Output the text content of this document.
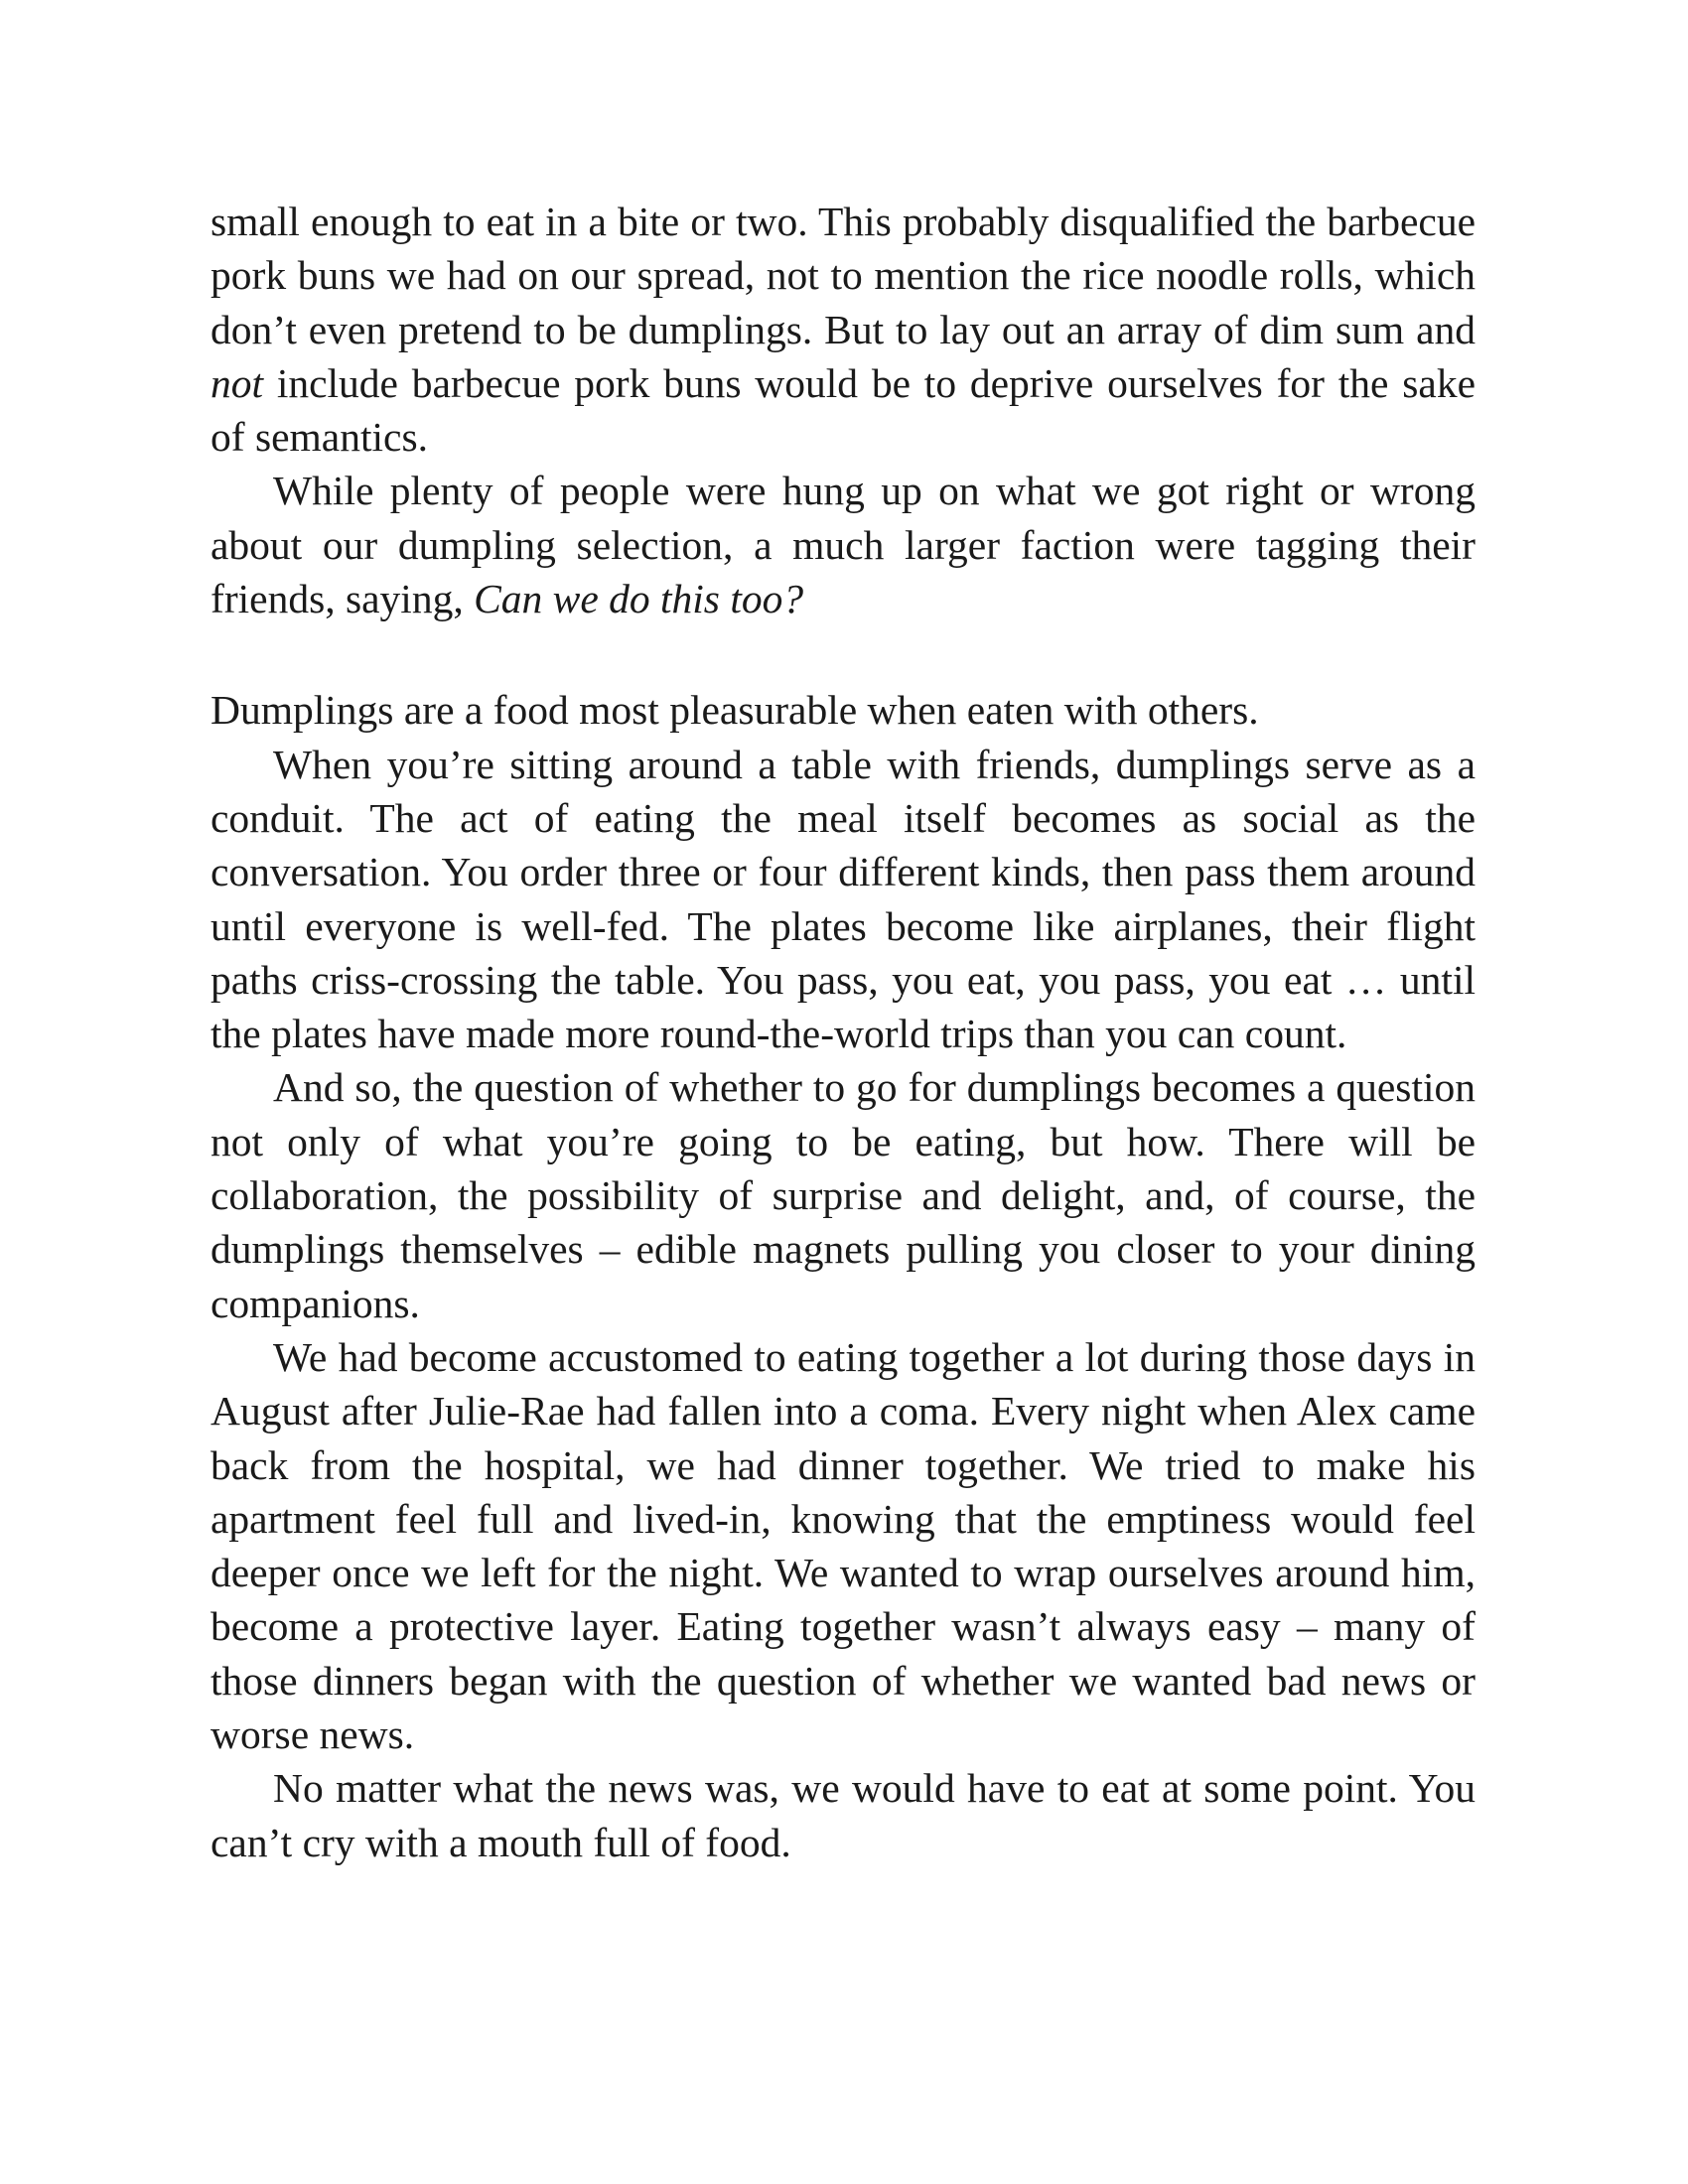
small enough to eat in a bite or two. This probably disqualified the barbecue pork buns we had on our spread, not to mention the rice noodle rolls, which don’t even pretend to be dumplings. But to lay out an array of dim sum and not include barbecue pork buns would be to deprive ourselves for the sake of semantics.

While plenty of people were hung up on what we got right or wrong about our dumpling selection, a much larger faction were tagging their friends, saying, Can we do this too?

Dumplings are a food most pleasurable when eaten with others.

When you’re sitting around a table with friends, dumplings serve as a conduit. The act of eating the meal itself becomes as social as the conversation. You order three or four different kinds, then pass them around until everyone is well-fed. The plates become like airplanes, their flight paths criss-crossing the table. You pass, you eat, you pass, you eat … until the plates have made more round-the-world trips than you can count.

And so, the question of whether to go for dumplings becomes a question not only of what you’re going to be eating, but how. There will be collaboration, the possibility of surprise and delight, and, of course, the dumplings themselves – edible magnets pulling you closer to your dining companions.

We had become accustomed to eating together a lot during those days in August after Julie-Rae had fallen into a coma. Every night when Alex came back from the hospital, we had dinner together. We tried to make his apartment feel full and lived-in, knowing that the emptiness would feel deeper once we left for the night. We wanted to wrap ourselves around him, become a protective layer. Eating together wasn’t always easy – many of those dinners began with the question of whether we wanted bad news or worse news.

No matter what the news was, we would have to eat at some point. You can’t cry with a mouth full of food.
